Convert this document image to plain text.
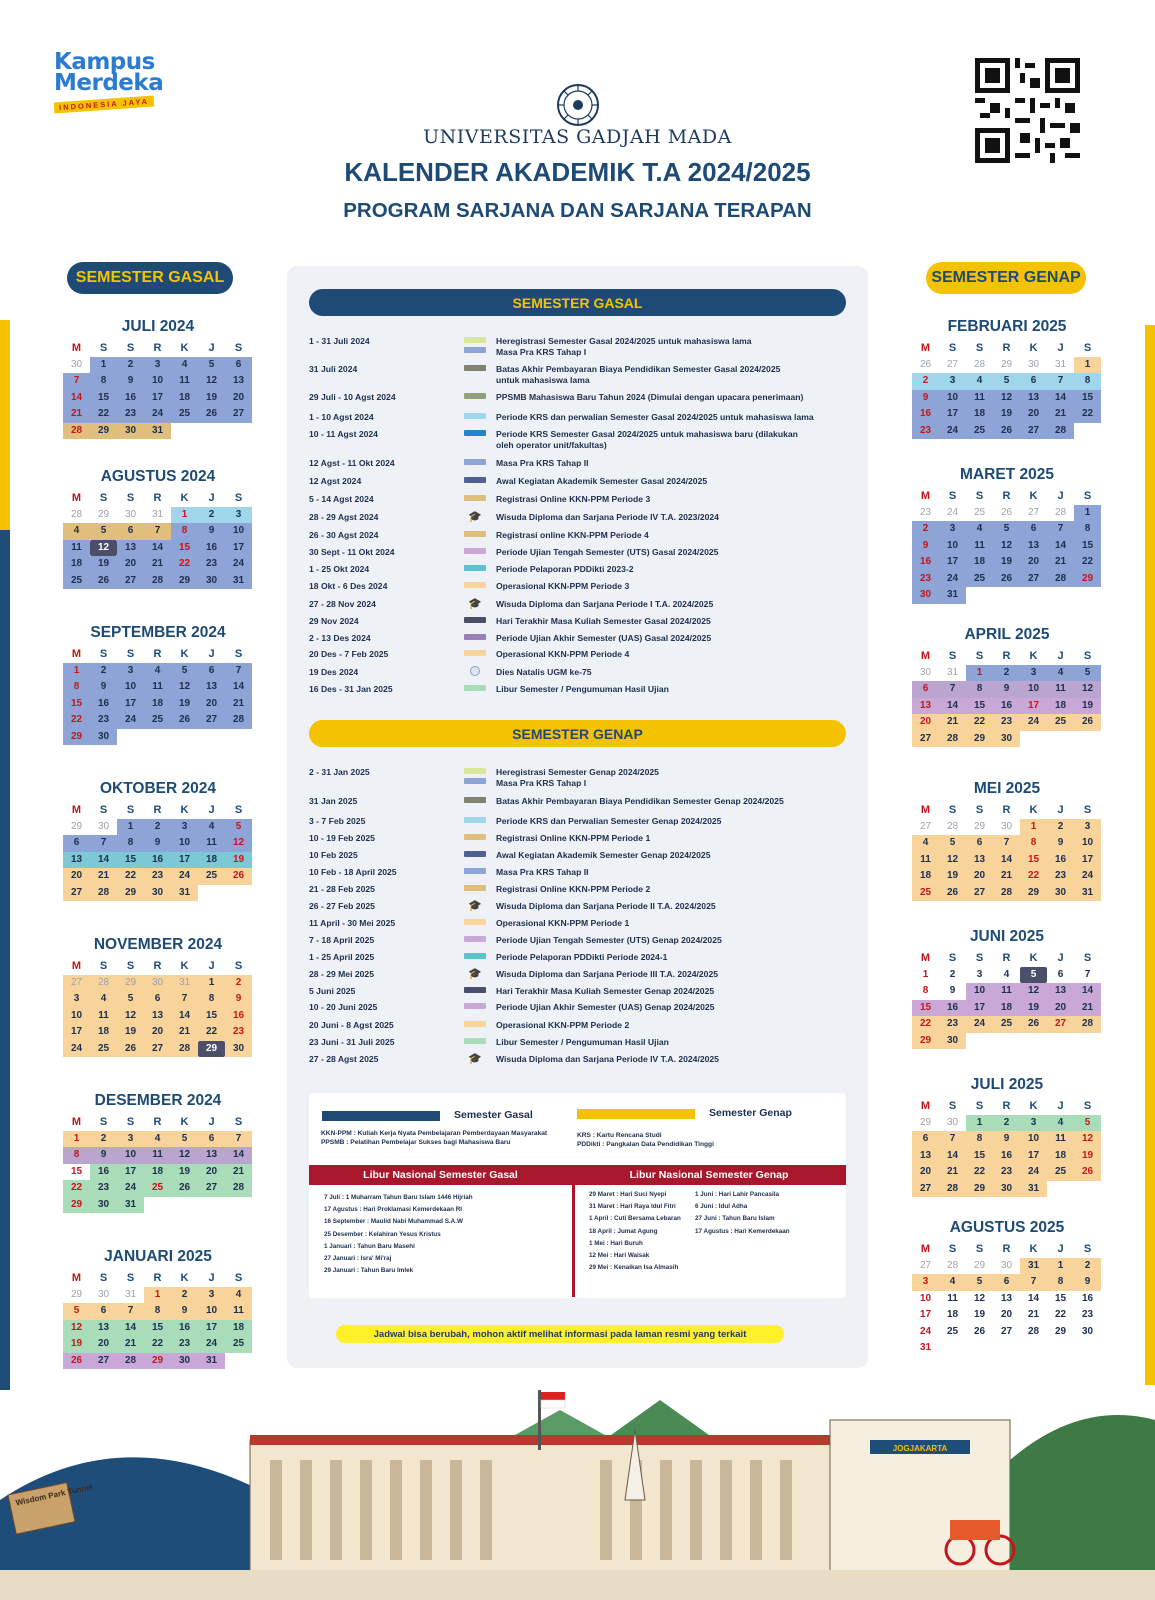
Kampus
Merdeka
INDONESIA JAYA
UNIVERSITAS GADJAH MADA
KALENDER AKADEMIK T.A 2024/2025
PROGRAM SARJANA DAN SARJANA TERAPAN
SEMESTER GASAL	SEMESTER GENAP
JULI 2024
M	S	S	R	K	J	S
30	1	2	3	4	5	6
7	8	9	10	11	12	13
14	15	16	17	18	19	20
21	22	23	24	25	26	27
28	29	30	31
AGUSTUS 2024
M	S	S	R	K	J	S
28	29	30	31	1	2	3
4	5	6	7	8	9	10
11	12	13	14	15	16	17
18	19	20	21	22	23	24
25	26	27	28	29	30	31
SEPTEMBER 2024
M	S	S	R	K	J	S
1	2	3	4	5	6	7
8	9	10	11	12	13	14
15	16	17	18	19	20	21
22	23	24	25	26	27	28
29	30
OKTOBER 2024
M	S	S	R	K	J	S
29	30	1	2	3	4	5
6	7	8	9	10	11	12
13	14	15	16	17	18	19
20	21	22	23	24	25	26
27	28	29	30	31
NOVEMBER 2024
M	S	S	R	K	J	S
27	28	29	30	31	1	2
3	4	5	6	7	8	9
10	11	12	13	14	15	16
17	18	19	20	21	22	23
24	25	26	27	28	29	30
DESEMBER 2024
M	S	S	R	K	J	S
1	2	3	4	5	6	7
8	9	10	11	12	13	14
15	16	17	18	19	20	21
22	23	24	25	26	27	28
29	30	31
JANUARI 2025
M	S	S	R	K	J	S
29	30	31	1	2	3	4
5	6	7	8	9	10	11
12	13	14	15	16	17	18
19	20	21	22	23	24	25
26	27	28	29	30	31
FEBRUARI 2025
M	S	S	R	K	J	S
26	27	28	29	30	31	1
2	3	4	5	6	7	8
9	10	11	12	13	14	15
16	17	18	19	20	21	22
23	24	25	26	27	28
MARET 2025
M	S	S	R	K	J	S
23	24	25	26	27	28	1
2	3	4	5	6	7	8
9	10	11	12	13	14	15
16	17	18	19	20	21	22
23	24	25	26	27	28	29
30	31
APRIL 2025
M	S	S	R	K	J	S
30	31	1	2	3	4	5
6	7	8	9	10	11	12
13	14	15	16	17	18	19
20	21	22	23	24	25	26
27	28	29	30
MEI 2025
M	S	S	R	K	J	S
27	28	29	30	1	2	3
4	5	6	7	8	9	10
11	12	13	14	15	16	17
18	19	20	21	22	23	24
25	26	27	28	29	30	31
JUNI 2025
M	S	S	R	K	J	S
1	2	3	4	5	6	7
8	9	10	11	12	13	14
15	16	17	18	19	20	21
22	23	24	25	26	27	28
29	30
JULI 2025
M	S	S	R	K	J	S
29	30	1	2	3	4	5
6	7	8	9	10	11	12
13	14	15	16	17	18	19
20	21	22	23	24	25	26
27	28	29	30	31
AGUSTUS 2025
M	S	S	R	K	J	S
27	28	29	30	31	1	2
3	4	5	6	7	8	9
10	11	12	13	14	15	16
17	18	19	20	21	22	23
24	25	26	27	28	29	30
31
SEMESTER GASAL
SEMESTER GENAP
1 - 31 Juli 2024	Heregistrasi Semester Gasal 2024/2025 untuk mahasiswa lama
Masa Pra KRS Tahap I
31 Juli 2024	Batas Akhir Pembayaran Biaya Pendidikan Semester Gasal 2024/2025
untuk mahasiswa lama
29 Juli - 10 Agst 2024	PPSMB Mahasiswa Baru Tahun 2024 (Dimulai dengan upacara penerimaan)
1 - 10 Agst 2024	Periode KRS dan perwalian Semester Gasal 2024/2025 untuk mahasiswa lama
10 - 11 Agst 2024	Periode KRS Semester Gasal 2024/2025 untuk mahasiswa baru (dilakukan
oleh operator unit/fakultas)
12 Agst - 11 Okt 2024	Masa Pra KRS Tahap II
12 Agst 2024	Awal Kegiatan Akademik Semester Gasal 2024/2025
5 - 14 Agst 2024	Registrasi Online KKN-PPM Periode 3
28 - 29 Agst 2024	🎓 Wisuda Diploma dan Sarjana Periode IV T.A. 2023/2024
26 - 30 Agst 2024	Registrasi online KKN-PPM Periode 4
30 Sept - 11 Okt 2024	Periode Ujian Tengah Semester (UTS) Gasal 2024/2025
1 - 25 Okt 2024	Periode Pelaporan PDDikti 2023-2
18 Okt - 6 Des 2024	Operasional KKN-PPM Periode 3
27 - 28 Nov 2024	🎓 Wisuda Diploma dan Sarjana Periode I T.A. 2024/2025
29 Nov 2024	Hari Terakhir Masa Kuliah Semester Gasal 2024/2025
2 - 13 Des 2024	Periode Ujian Akhir Semester (UAS) Gasal 2024/2025
20 Des - 7 Feb 2025	Operasional KKN-PPM Periode 4
19 Des 2024	Dies Natalis UGM ke-75
16 Des - 31 Jan 2025	Libur Semester / Pengumuman Hasil Ujian
2 - 31 Jan 2025	Heregistrasi Semester Genap 2024/2025
Masa Pra KRS Tahap I
31 Jan 2025	Batas Akhir Pembayaran Biaya Pendidikan Semester Genap 2024/2025
3 - 7 Feb 2025	Periode KRS dan Perwalian Semester Genap 2024/2025
10 - 19 Feb 2025	Registrasi Online KKN-PPM Periode 1
10 Feb 2025	Awal Kegiatan Akademik Semester Genap 2024/2025
10 Feb - 18 April 2025	Masa Pra KRS Tahap II
21 - 28 Feb 2025	Registrasi Online KKN-PPM Periode 2
26 - 27 Feb 2025	🎓 Wisuda Diploma dan Sarjana Periode II T.A. 2024/2025
11 April - 30 Mei 2025	Operasional KKN-PPM Periode 1
7 - 18 April 2025	Periode Ujian Tengah Semester (UTS) Genap 2024/2025
1 - 25 April 2025	Periode Pelaporan PDDikti Periode 2024-1
28 - 29 Mei 2025	🎓 Wisuda Diploma dan Sarjana Periode III T.A. 2024/2025
5 Juni 2025	Hari Terakhir Masa Kuliah Semester Genap 2024/2025
10 - 20 Juni 2025	Periode Ujian Akhir Semester (UAS) Genap 2024/2025
20 Juni - 8 Agst 2025	Operasional KKN-PPM Periode 2
23 Juni - 31 Juli 2025	Libur Semester / Pengumuman Hasil Ujian
27 - 28 Agst 2025	🎓 Wisuda Diploma dan Sarjana Periode IV T.A. 2024/2025
Semester Gasal	Semester Genap
KKN-PPM : Kuliah Kerja Nyata Pembelajaran Pemberdayaan Masyarakat
PPSMB : Pelatihan Pembelajar Sukses bagi Mahasiswa Baru
KRS : Kartu Rencana Studi
PDDikti : Pangkalan Data Pendidikan Tinggi
Libur Nasional Semester Gasal	Libur Nasional Semester Genap
7 Juli : 1 Muharram Tahun Baru Islam 1446 Hijriah
17 Agustus : Hari Proklamasi Kemerdekaan RI
16 September : Maulid Nabi Muhammad S.A.W
25 Desember : Kelahiran Yesus Kristus
1 Januari : Tahun Baru Masehi
27 Januari : Isra' Mi'raj
29 Januari : Tahun Baru Imlek
29 Maret : Hari Suci Nyepi
31 Maret : Hari Raya Idul Fitri
1 April : Cuti Bersama Lebaran
18 April : Jumat Agung
1 Mei : Hari Buruh
12 Mei : Hari Waisak
29 Mei : Kenaikan Isa Almasih
1 Juni : Hari Lahir Pancasila
6 Juni : Idul Adha
27 Juni : Tahun Baru Islam
17 Agustus : Hari Kemerdekaan
Jadwal bisa berubah, mohon aktif melihat informasi pada laman resmi yang terkait
JOGJAKARTA
Wisdom Park Tunnel
